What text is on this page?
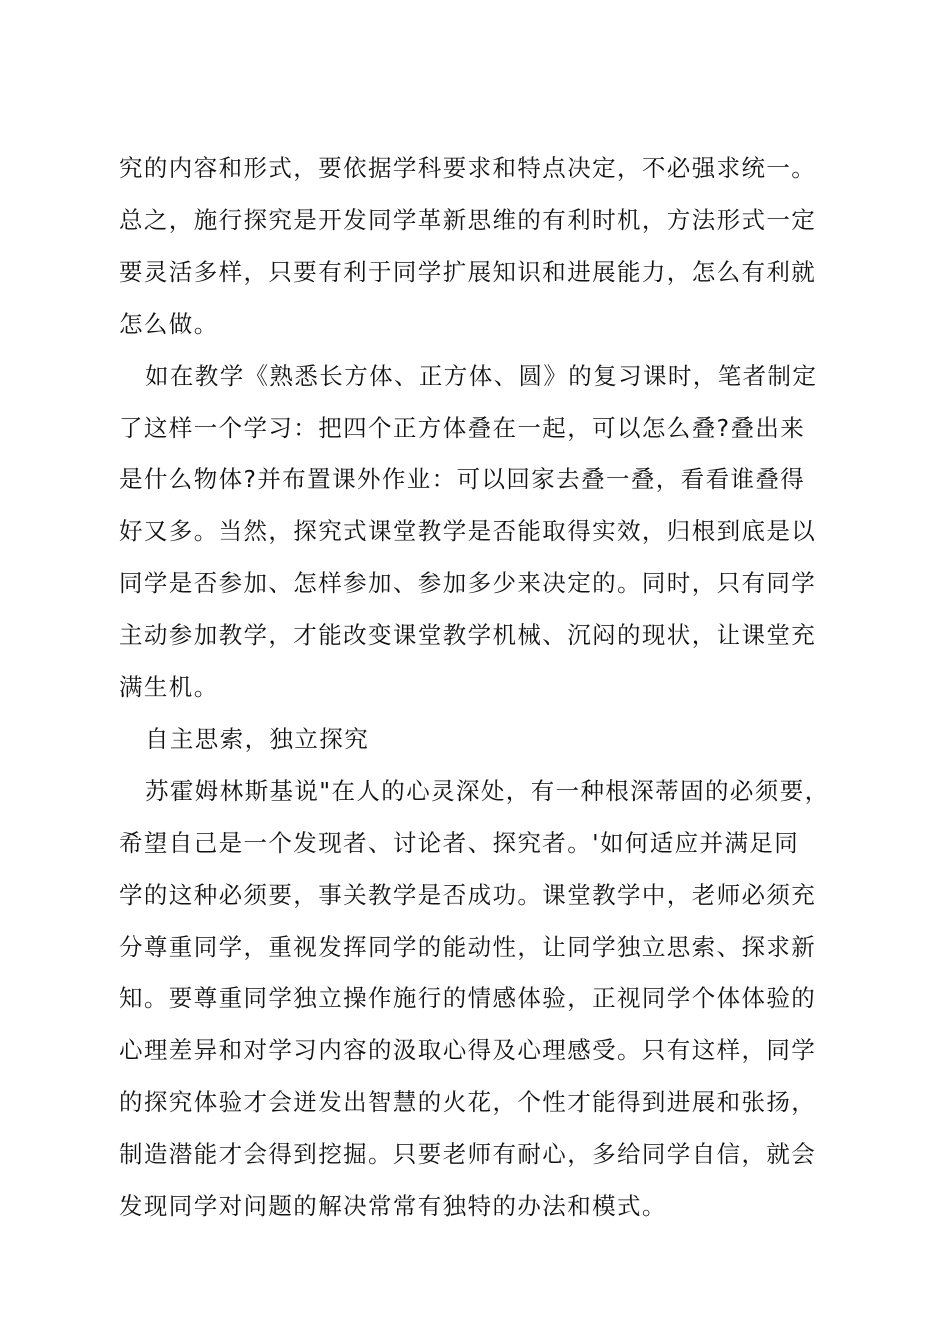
究的内容和形式，要依据学科要求和特点决定，不必强求统一。
总之，施行探究是开发同学革新思维的有利时机，方法形式一定
要灵活多样，只要有利于同学扩展知识和进展能力，怎么有利就
怎么做。
如在教学《熟悉长方体、正方体、圆》的复习课时，笔者制定
了这样一个学习：把四个正方体叠在一起，可以怎么叠?叠出来
是什么物体?并布置课外作业：可以回家去叠一叠，看看谁叠得
好又多。当然，探究式课堂教学是否能取得实效，归根到底是以
同学是否参加、怎样参加、参加多少来决定的。同时，只有同学
主动参加教学，才能改变课堂教学机械、沉闷的现状，让课堂充
满生机。
自主思索，独立探究
苏霍姆林斯基说"在人的心灵深处，有一种根深蒂固的必须要，
希望自己是一个发现者、讨论者、探究者。'如何适应并满足同
学的这种必须要，事关教学是否成功。课堂教学中，老师必须充
分尊重同学，重视发挥同学的能动性，让同学独立思索、探求新
知。要尊重同学独立操作施行的情感体验，正视同学个体体验的
心理差异和对学习内容的汲取心得及心理感受。只有这样，同学
的探究体验才会迸发出智慧的火花，个性才能得到进展和张扬，
制造潜能才会得到挖掘。只要老师有耐心，多给同学自信，就会
发现同学对问题的解决常常有独特的办法和模式。
